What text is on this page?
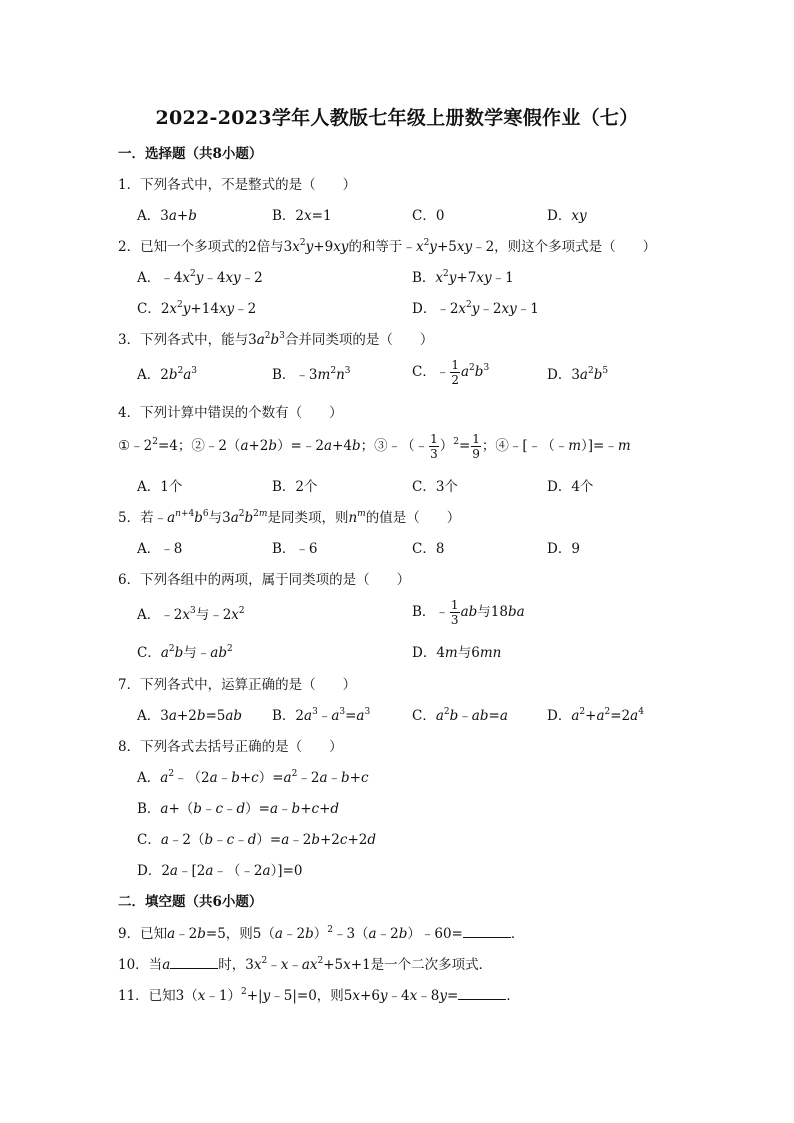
2022-2023学年人教版七年级上册数学寒假作业（七）
一．选择题（共8小题）
1．下列各式中，不是整式的是（　　）
A．3a+b	B．2x=1	C．0	D．xy
2．已知一个多项式的2倍与$3x^2y+9xy$的和等于$﹣x^2y+5xy﹣2$，则这个多项式是（　　）
A．$﹣4x^2y﹣4xy﹣2$	B．$x^2y+7xy﹣1$
C．$2x^2y+14xy﹣2$	D．$﹣2x^2y﹣2xy﹣1$
3．下列各式中，能与$3a^2b^3$合并同类项的是（　　）
A．$2b^2a^3$	B．$﹣3m^2n^3$	C．﹣ $\frac{1}{2} a^2b^3$	D．$3a^2b^5$
4．下列计算中错误的个数有（　　）
$①﹣2^2=4$；②﹣2（a+2b）=﹣2a+4b；③﹣（﹣ $\frac{1}{3} )^2= \frac{1}{9}$ ；④﹣[﹣（﹣m）]=﹣m
A．1个	B．2个	C．3个	D．4个
5．若$﹣a^{n+4}b^6$与$3a^2b^{2m}$是同类项，则$n^m$的值是（　　）
A．﹣8	B．﹣6	C．8	D．9
6．下列各组中的两项，属于同类项的是（　　）
A．$﹣2x^3$与$﹣2x^2$	B．﹣ $\frac{1}{3}$ ab与18ba
C．$a^2b$与$﹣ab^2$	D．4m与6mn
7．下列各式中，运算正确的是（　　）
A．3a+2b=5ab B．$2a^3﹣a^3=a^3$	C．$a^2b﹣ab=a$	D．$a^2+a^2=2a^4$
8．下列各式去括号正确的是（　　）
A．$a^2﹣(2a﹣b+c)=a^2﹣2a﹣b+c$
B．a+（b﹣c﹣d）=a﹣b+c+d
C．a﹣2（b﹣c﹣d）=a﹣2b+2c+2d
D．2a﹣[2a﹣（﹣2a）]=0
二．填空题（共6小题）
9．已知a﹣2b=5，则5（a﹣2b）$^2$﹣3（a﹣2b）﹣60=	．
10．当a	时，$3x^2﹣x﹣ax^2+5x+1$是一个二次多项式．
11．已知3（x﹣1）$^2$+|y﹣5|=0，则5x+6y﹣4x﹣8y=	．
